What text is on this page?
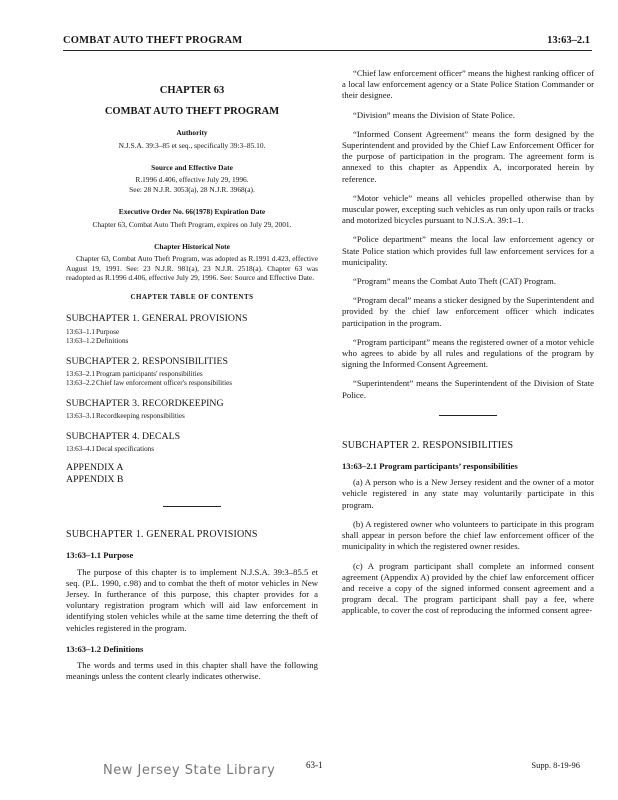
COMBAT AUTO THEFT PROGRAM	13:63–2.1
CHAPTER 63
COMBAT AUTO THEFT PROGRAM
Authority
N.J.S.A. 39:3–85 et seq., specifically 39:3–85.10.
Source and Effective Date
R.1996 d.406, effective July 29, 1996.
See: 28 N.J.R. 3053(a), 28 N.J.R. 3968(a).
Executive Order No. 66(1978) Expiration Date
Chapter 63, Combat Auto Theft Program, expires on July 29, 2001.
Chapter Historical Note
Chapter 63, Combat Auto Theft Program, was adopted as R.1991 d.423, effective August 19, 1991. See: 23 N.J.R. 981(a), 23 N.J.R. 2518(a). Chapter 63 was readopted as R.1996 d.406, effective July 29, 1996. See: Source and Effective Date.
CHAPTER TABLE OF CONTENTS
SUBCHAPTER 1. GENERAL PROVISIONS
13:63–1.1 Purpose
13:63–1.2 Definitions
SUBCHAPTER 2. RESPONSIBILITIES
13:63–2.1 Program participants' responsibilities
13:63–2.2 Chief law enforcement officer's responsibilities
SUBCHAPTER 3. RECORDKEEPING
13:63–3.1 Recordkeeping responsibilities
SUBCHAPTER 4. DECALS
13:63–4.1 Decal specifications
APPENDIX A
APPENDIX B
SUBCHAPTER 1. GENERAL PROVISIONS
13:63–1.1 Purpose

The purpose of this chapter is to implement N.J.S.A. 39:3–85.5 et seq. (P.L. 1990, c.98) and to combat the theft of motor vehicles in New Jersey. In furtherance of this purpose, this chapter provides for a voluntary registration program which will aid law enforcement in identifying stolen vehicles while at the same time deterring the theft of vehicles registered in the program.

13:63–1.2 Definitions

The words and terms used in this chapter shall have the following meanings unless the content clearly indicates otherwise.

“Chief law enforcement officer” means the highest ranking officer of a local law enforcement agency or a State Police Station Commander or their designee.

“Division” means the Division of State Police.

“Informed Consent Agreement” means the form designed by the Superintendent and provided by the Chief Law Enforcement Officer for the purpose of participation in the program. The agreement form is annexed to this chapter as Appendix A, incorporated herein by reference.

“Motor vehicle” means all vehicles propelled otherwise than by muscular power, excepting such vehicles as run only upon rails or tracks and motorized bicycles pursuant to N.J.S.A. 39:1–1.

“Police department” means the local law enforcement agency or State Police station which provides full law enforcement services for a municipality.

“Program” means the Combat Auto Theft (CAT) Program.

“Program decal” means a sticker designed by the Superintendent and provided by the chief law enforcement officer which indicates participation in the program.

“Program participant” means the registered owner of a motor vehicle who agrees to abide by all rules and regulations of the program by signing the Informed Consent Agreement.

“Superintendent” means the Superintendent of the Division of State Police.

SUBCHAPTER 2. RESPONSIBILITIES
13:63–2.1 Program participants’ responsibilities

(a) A person who is a New Jersey resident and the owner of a motor vehicle registered in any state may voluntarily participate in this program.

(b) A registered owner who volunteers to participate in this program shall appear in person before the chief law enforcement officer of the municipality in which the registered owner resides.

(c) A program participant shall complete an informed consent agreement (Appendix A) provided by the chief law enforcement officer and receive a copy of the signed informed consent agreement and a program decal. The program participant shall pay a fee, where applicable, to cover the cost of reproducing the informed consent agree-

New Jersey State Library	63-1	Supp. 8-19-96
